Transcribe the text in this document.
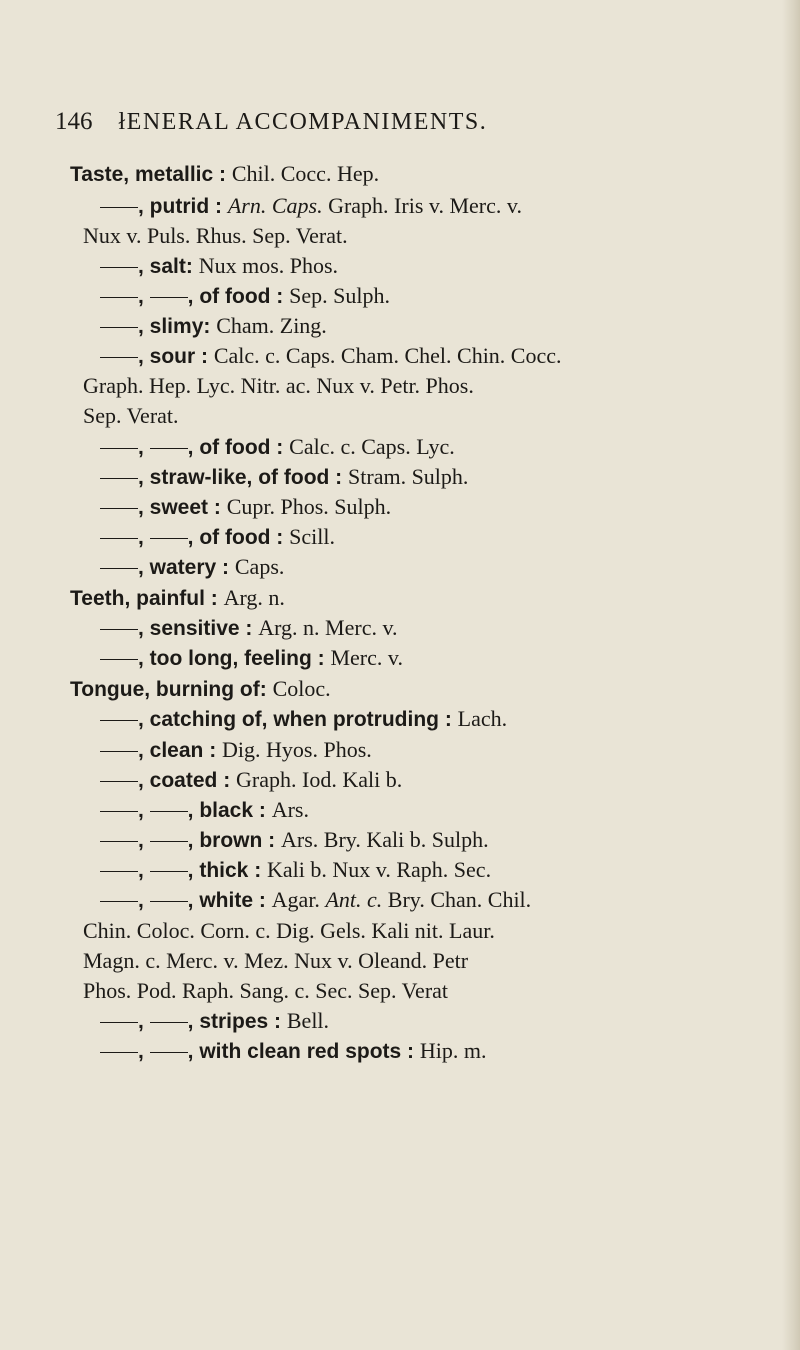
146 łENERAL ACCOMPANIMENTS.
Taste, metallic : Chil. Cocc. Hep.
, putrid : Arn. Caps. Graph. Iris v. Merc. v.
Nux v. Puls. Rhus. Sep. Verat.
, salt: Nux mos. Phos.
, , of food : Sep. Sulph.
, slimy: Cham. Zing.
, sour : Calc. c. Caps. Cham. Chel. Chin. Cocc.
Graph. Hep. Lyc. Nitr. ac. Nux v. Petr. Phos.
Sep. Verat.
, , of food : Calc. c. Caps. Lyc.
, straw-like, of food : Stram. Sulph.
, sweet : Cupr. Phos. Sulph.
, , of food : Scill.
, watery : Caps.
Teeth, painful : Arg. n.
, sensitive : Arg. n. Merc. v.
, too long, feeling : Merc. v.
Tongue, burning of: Coloc.
, catching of, when protruding : Lach.
, clean : Dig. Hyos. Phos.
, coated : Graph. Iod. Kali b.
, , black : Ars.
, , brown : Ars. Bry. Kali b. Sulph.
, , thick : Kali b. Nux v. Raph. Sec.
, , white : Agar. Ant. c. Bry. Chan. Chil.
Chin. Coloc. Corn. c. Dig. Gels. Kali nit. Laur.
Magn. c. Merc. v. Mez. Nux v. Oleand. Petr
Phos. Pod. Raph. Sang. c. Sec. Sep. Verat
, , stripes : Bell.
, , with clean red spots : Hip. m.
